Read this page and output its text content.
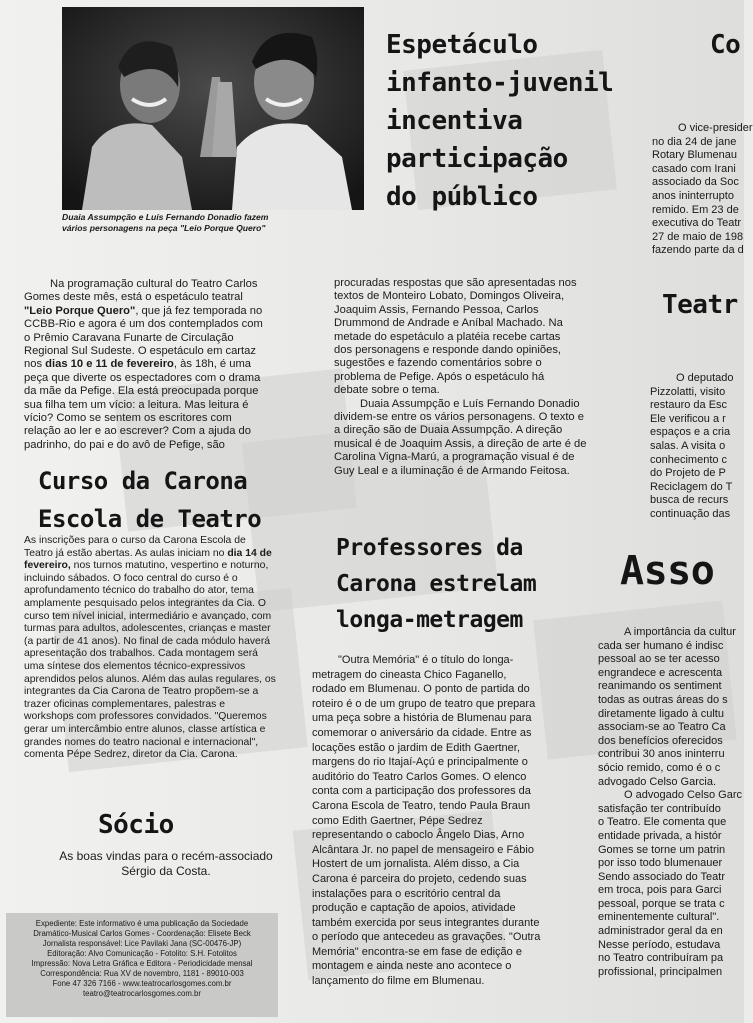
Duaia Assumpção e Luís Fernando Donadio fazem
vários personagens na peça "Leio Porque Quero"
Espetáculo
infanto-juvenil
incentiva
participação
do público
Na programação cultural do Teatro Carlos
Gomes deste mês, está o espetáculo teatral
"Leio Porque Quero", que já fez temporada no
CCBB-Rio e agora é um dos contemplados com
o Prêmio Caravana Funarte de Circulação
Regional Sul Sudeste. O espetáculo em cartaz
nos dias 10 e 11 de fevereiro, às 18h, é uma
peça que diverte os espectadores com o drama
da mãe da Pefige. Ela está preocupada porque
sua filha tem um vício: a leitura. Mas leitura é
vício? Como se sentem os escritores com
relação ao ler e ao escrever? Com a ajuda do
padrinho, do pai e do avô de Pefige, são
procuradas respostas que são apresentadas nos
textos de Monteiro Lobato, Domingos Oliveira,
Joaquim Assis, Fernando Pessoa, Carlos
Drummond de Andrade e Aníbal Machado. Na
metade do espetáculo a platéia recebe cartas
dos personagens e responde dando opiniões,
sugestões e fazendo comentários sobre o
problema de Pefige. Após o espetáculo há
debate sobre o tema.
Duaia Assumpção e Luís Fernando Donadio
dividem-se entre os vários personagens. O texto e
a direção são de Duaia Assumpção. A direção
musical é de Joaquim Assis, a direção de arte é de
Carolina Vigna-Marú, a programação visual é de
Guy Leal e a iluminação é de Armando Feitosa.
Curso da Carona
Escola de Teatro
As inscrições para o curso da Carona Escola de
Teatro já estão abertas. As aulas iniciam no dia 14 de
fevereiro, nos turnos matutino, vespertino e noturno,
incluindo sábados. O foco central do curso é o
aprofundamento técnico do trabalho do ator, tema
amplamente pesquisado pelos integrantes da Cia. O
curso tem nível inicial, intermediário e avançado, com
turmas para adultos, adolescentes, crianças e master
(a partir de 41 anos). No final de cada módulo haverá
apresentação dos trabalhos. Cada montagem será
uma síntese dos elementos técnico-expressivos
aprendidos pelos alunos. Além das aulas regulares, os
integrantes da Cia Carona de Teatro propõem-se a
trazer oficinas complementares, palestras e
workshops com professores convidados. "Queremos
gerar um intercâmbio entre alunos, classe artística e
grandes nomes do teatro nacional e internacional",
comenta Pépe Sedrez, diretor da Cia. Carona.
Sócio
As boas vindas para o recém-associado
Sérgio da Costa.
Expediente: Este informativo é uma publicação da Sociedade
Dramático-Musical Carlos Gomes - Coordenação: Elisete Beck
Jornalista responsável: Lice Pavilaki Jana (SC-00476-JP)
Editoração: Alvo Comunicação - Fotolito: S.H. Fotolitos
Impressão: Nova Letra Gráfica e Editora - Periodicidade mensal
Correspondência: Rua XV de novembro, 1181 - 89010-003
Fone 47 326 7166 - www.teatrocarlosgomes.com.br
teatro@teatrocarlosgomes.com.br
Professores da
Carona estrelam
longa-metragem
"Outra Memória" é o título do longa-
metragem do cineasta Chico Faganello,
rodado em Blumenau. O ponto de partida do
roteiro é o de um grupo de teatro que prepara
uma peça sobre a história de Blumenau para
comemorar o aniversário da cidade. Entre as
locações estão o jardim de Edith Gaertner,
margens do rio Itajaí-Açú e principalmente o
auditório do Teatro Carlos Gomes. O elenco
conta com a participação dos professores da
Carona Escola de Teatro, tendo Paula Braun
como Edith Gaertner, Pépe Sedrez
representando o caboclo Ângelo Dias, Arno
Alcântara Jr. no papel de mensageiro e Fábio
Hostert de um jornalista. Além disso, a Cia
Carona é parceira do projeto, cedendo suas
instalações para o escritório central da
produção e captação de apoios, atividade
também exercida por seus integrantes durante
o período que antecedeu as gravações. "Outra
Memória" encontra-se em fase de edição e
montagem e ainda neste ano acontece o
lançamento do filme em Blumenau.
Co
O vice-presider
no dia 24 de jane
Rotary Blumenau
casado com Irani
associado da Soc
anos ininterrupto
remido. Em 23 de
executiva do Teatr
27 de maio de 198
fazendo parte da d
Teatr
O deputado
Pizzolatti, visito
restauro da Esc
Ele verificou a r
espaços e a cria
salas. A visita o
conhecimento c
do Projeto de P
Reciclagem do T
busca de recurs
continuação das
Asso
A importância da cultur
cada ser humano é indisc
pessoal ao se ter acesso
engrandece e acrescenta
reanimando os sentiment
todas as outras áreas do s
diretamente ligado à cultu
associam-se ao Teatro Ca
dos benefícios oferecidos
contribui 30 anos ininterru
sócio remido, como é o c
advogado Celso Garcia.
O advogado Celso Garc
satisfação ter contribuído
o Teatro. Ele comenta que
entidade privada, a histór
Gomes se torne um patrin
por isso todo blumenauer
Sendo associado do Teatr
em troca, pois para Garci
pessoal, porque se trata c
eminentemente cultural".
administrador geral da en
Nesse período, estudava
no Teatro contribuíram pa
profissional, principalmen
